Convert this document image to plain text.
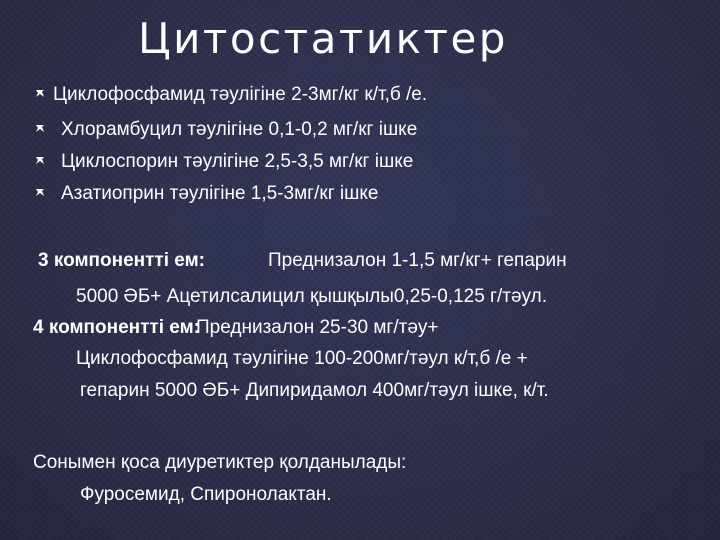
Цитостатиктер
Циклофосфамид тәулігіне 2-3мг/кг к/т,б /е.
Хлорамбуцил тәулігіне 0,1-0,2 мг/кг ішке
Циклоспорин тәулігіне 2,5-3,5 мг/кг ішке
Азатиоприн тәулігіне 1,5-3мг/кг ішке
3 компонентті ем:	Преднизалон 1-1,5 мг/кг+ гепарин
5000 ӘБ+ Ацетилсалицил қышқылы0,25-0,125 г/тәул.
4 компонентті ем:
Преднизалон 25-30 мг/тәу+
Циклофосфамид тәулігіне 100-200мг/тәул к/т,б /е +
гепарин 5000 ӘБ+ Дипиридамол 400мг/тәул ішке, к/т.
Сонымен қоса диуретиктер қолданылады:
Фуросемид, Спиронолактан.
